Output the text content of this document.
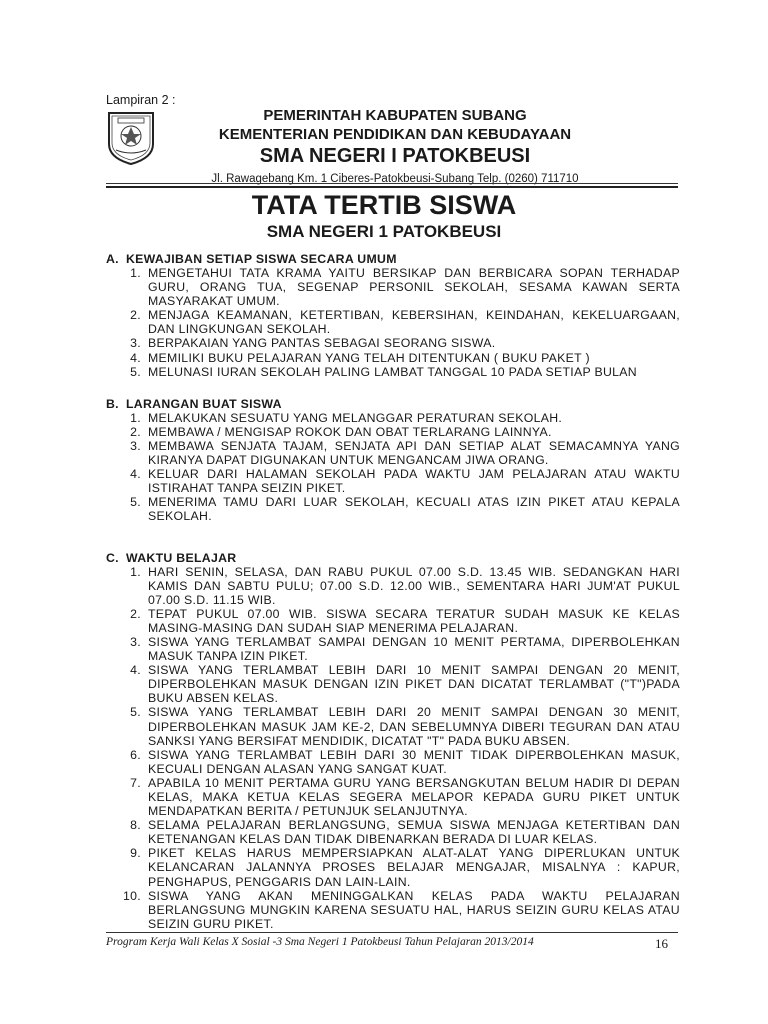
Lampiran 2 :
PEMERINTAH KABUPATEN SUBANG
KEMENTERIAN PENDIDIKAN DAN KEBUDAYAAN
SMA NEGERI I PATOKBEUSI
Jl. Rawagebang Km. 1 Ciberes-Patokbeusi-Subang Telp. (0260) 711710
TATA TERTIB SISWA
SMA NEGERI 1 PATOKBEUSI
A. KEWAJIBAN SETIAP SISWA SECARA UMUM
1. MENGETAHUI TATA KRAMA YAITU BERSIKAP DAN BERBICARA SOPAN TERHADAP GURU, ORANG TUA, SEGENAP PERSONIL SEKOLAH, SESAMA KAWAN SERTA MASYARAKAT UMUM.
2. MENJAGA KEAMANAN, KETERTIBAN, KEBERSIHAN, KEINDAHAN, KEKELUARGAAN, DAN LINGKUNGAN SEKOLAH.
3. BERPAKAIAN YANG PANTAS SEBAGAI SEORANG SISWA.
4. MEMILIKI BUKU PELAJARAN YANG TELAH DITENTUKAN ( BUKU PAKET )
5. MELUNASI IURAN SEKOLAH PALING LAMBAT TANGGAL 10 PADA SETIAP BULAN
B. LARANGAN BUAT SISWA
1. MELAKUKAN SESUATU YANG MELANGGAR PERATURAN SEKOLAH.
2. MEMBAWA / MENGISAP ROKOK DAN OBAT TERLARANG LAINNYA.
3. MEMBAWA SENJATA TAJAM, SENJATA API DAN SETIAP ALAT SEMACAMNYA YANG KIRANYA DAPAT DIGUNAKAN UNTUK MENGANCAM JIWA ORANG.
4. KELUAR DARI HALAMAN SEKOLAH PADA WAKTU JAM PELAJARAN ATAU WAKTU ISTIRAHAT TANPA SEIZIN PIKET.
5. MENERIMA TAMU DARI LUAR SEKOLAH, KECUALI ATAS IZIN PIKET ATAU KEPALA SEKOLAH.
C. WAKTU BELAJAR
1. HARI SENIN, SELASA, DAN RABU PUKUL 07.00 S.D. 13.45 WIB. SEDANGKAN HARI KAMIS DAN SABTU PULU; 07.00 S.D. 12.00 WIB., SEMENTARA HARI JUM'AT PUKUL 07.00 S.D. 11.15 WIB.
2. TEPAT PUKUL 07.00 WIB. SISWA SECARA TERATUR SUDAH MASUK KE KELAS MASING-MASING DAN SUDAH SIAP MENERIMA PELAJARAN.
3. SISWA YANG TERLAMBAT SAMPAI DENGAN 10 MENIT PERTAMA, DIPERBOLEHKAN MASUK TANPA IZIN PIKET.
4. SISWA YANG TERLAMBAT LEBIH DARI 10 MENIT SAMPAI DENGAN 20 MENIT, DIPERBOLEHKAN MASUK DENGAN IZIN PIKET DAN DICATAT TERLAMBAT ("T")PADA BUKU ABSEN KELAS.
5. SISWA YANG TERLAMBAT LEBIH DARI 20 MENIT SAMPAI DENGAN 30 MENIT, DIPERBOLEHKAN MASUK JAM KE-2, DAN SEBELUMNYA DIBERI TEGURAN DAN ATAU SANKSI YANG BERSIFAT MENDIDIK, DICATAT "T" PADA BUKU ABSEN.
6. SISWA YANG TERLAMBAT LEBIH DARI 30 MENIT TIDAK DIPERBOLEHKAN MASUK, KECUALI DENGAN ALASAN YANG SANGAT KUAT.
7. APABILA 10 MENIT PERTAMA GURU YANG BERSANGKUTAN BELUM HADIR DI DEPAN KELAS, MAKA KETUA KELAS SEGERA MELAPOR KEPADA GURU PIKET UNTUK MENDAPATKAN BERITA / PETUNJUK SELANJUTNYA.
8. SELAMA PELAJARAN BERLANGSUNG, SEMUA SISWA MENJAGA KETERTIBAN DAN KETENANGAN KELAS DAN TIDAK DIBENARKAN BERADA DI LUAR KELAS.
9. PIKET KELAS HARUS MEMPERSIAPKAN ALAT-ALAT YANG DIPERLUKAN UNTUK KELANCARAN JALANNYA PROSES BELAJAR MENGAJAR, MISALNYA : KAPUR, PENGHAPUS, PENGGARIS DAN LAIN-LAIN.
10. SISWA YANG AKAN MENINGGALKAN KELAS PADA WAKTU PELAJARAN BERLANGSUNG MUNGKIN KARENA SESUATU HAL, HARUS SEIZIN GURU KELAS ATAU SEIZIN GURU PIKET.
Program Kerja Wali Kelas X Sosial -3 Sma Negeri 1 Patokbeusi Tahun Pelajaran 2013/2014	16
